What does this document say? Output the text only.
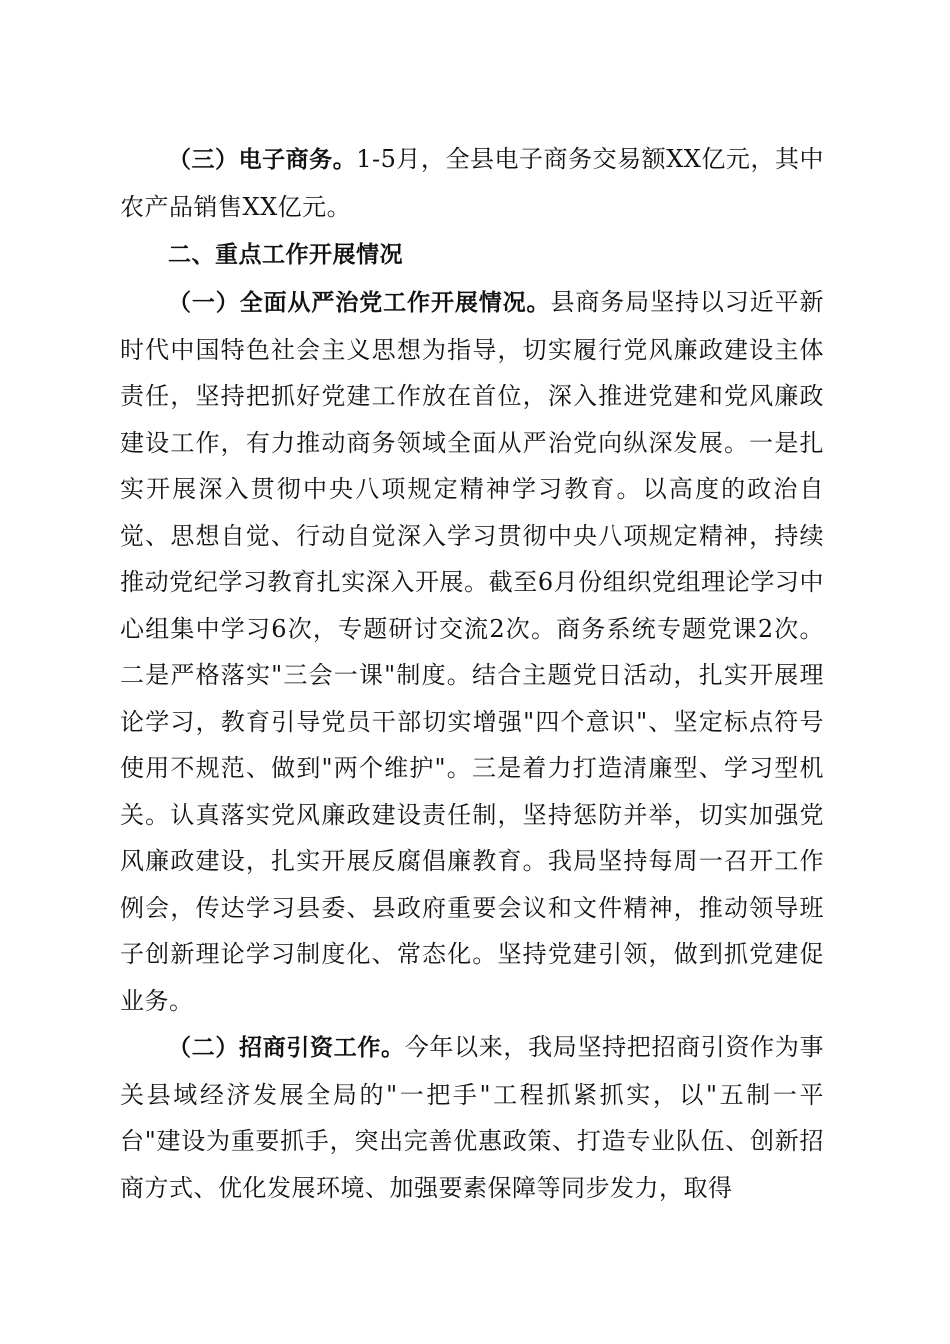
（三）电子商务。1-5月，全县电子商务交易额XX亿元，其中农产品销售XX亿元。

二、重点工作开展情况

（一）全面从严治党工作开展情况。县商务局坚持以习近平新时代中国特色社会主义思想为指导，切实履行党风廉政建设主体责任，坚持把抓好党建工作放在首位，深入推进党建和党风廉政建设工作，有力推动商务领域全面从严治党向纵深发展。一是扎实开展深入贯彻中央八项规定精神学习教育。以高度的政治自觉、思想自觉、行动自觉深入学习贯彻中央八项规定精神，持续推动党纪学习教育扎实深入开展。截至6月份组织党组理论学习中心组集中学习6次，专题研讨交流2次。商务系统专题党课2次。二是严格落实"三会一课"制度。结合主题党日活动，扎实开展理论学习，教育引导党员干部切实增强"四个意识"、坚定标点符号使用不规范、做到"两个维护"。三是着力打造清廉型、学习型机关。认真落实党风廉政建设责任制，坚持惩防并举，切实加强党风廉政建设，扎实开展反腐倡廉教育。我局坚持每周一召开工作例会，传达学习县委、县政府重要会议和文件精神，推动领导班子创新理论学习制度化、常态化。坚持党建引领，做到抓党建促业务。

（二）招商引资工作。今年以来，我局坚持把招商引资作为事关县域经济发展全局的"一把手"工程抓紧抓实，以"五制一平台"建设为重要抓手，突出完善优惠政策、打造专业队伍、创新招商方式、优化发展环境、加强要素保障等同步发力，取得
